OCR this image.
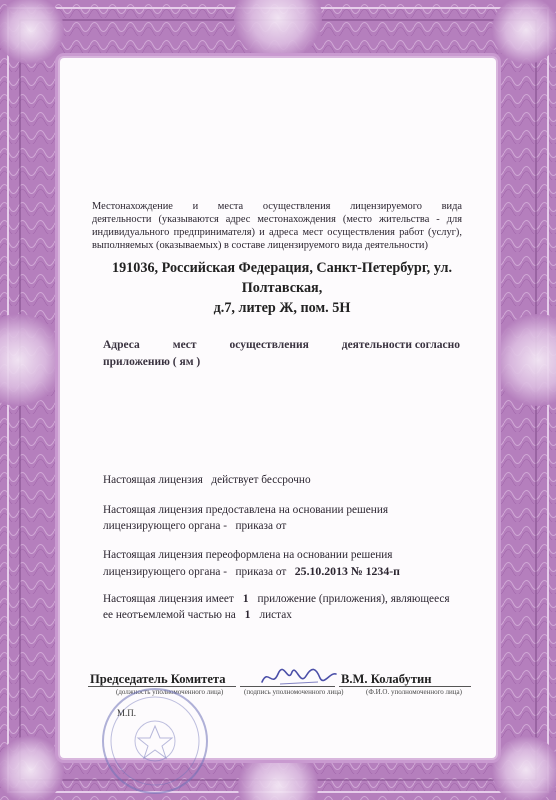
Местонахождение и места осуществления лицензируемого вида
деятельности (указываются адрес местонахождения (место жительства - для
индивидуального предпринимателя) и адреса мест осуществления работ (услуг),
выполняемых (оказываемых) в составе лицензируемого вида деятельности)
191036, Российская Федерация, Санкт-Петербург, ул. Полтавская,
д.7, литер Ж, пом. 5Н
Адреса	мест	осуществления	деятельности согласно
приложению ( ям )
Настоящая лицензия действует бессрочно
Настоящая лицензия предоставлена на основании решения
лицензирующего органа -   приказа от
Настоящая лицензия переоформлена на основании решения
лицензирующего органа -   приказа от 25.10.2013 № 1234-п
Настоящая лицензия имеет 1 приложение (приложения), являющееся
ее неотъемлемой частью на 1 листах
Председатель Комитета	В.М. Колабутин
(должность уполномоченного лица)	(подпись уполномоченного лица)	(Ф.И.О. уполномоченного лица)
М.П.
